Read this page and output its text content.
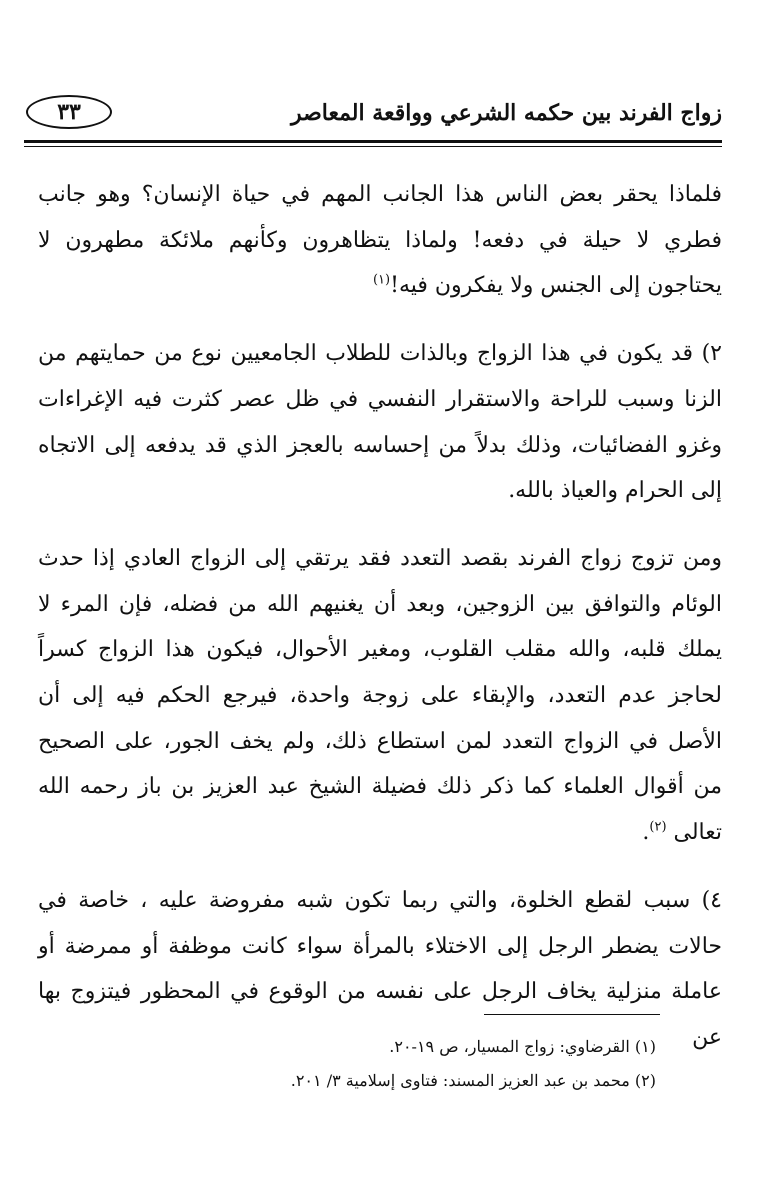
زواج الفرند بين حكمه الشرعي وواقعة المعاصر
٣٣

فلماذا يحقر بعض الناس هذا الجانب المهم في حياة الإنسان؟ وهو جانب فطري لا حيلة في دفعه! ولماذا يتظاهرون وكأنهم ملائكة مطهرون لا يحتاجون إلى الجنس ولا يفكرون فيه!$^{(١)}$

٢) قد يكون في هذا الزواج وبالذات للطلاب الجامعيين نوع من حمايتهم من الزنا وسبب للراحة والاستقرار النفسي في ظل عصر كثرت فيه الإغراءات وغزو الفضائيات، وذلك بدلاً من إحساسه بالعجز الذي قد يدفعه إلى الاتجاه إلى الحرام والعياذ بالله.

ومن تزوج زواج الفرند بقصد التعدد فقد يرتقي إلى الزواج العادي إذا حدث الوئام والتوافق بين الزوجين، وبعد أن يغنيهم الله من فضله، فإن المرء لا يملك قلبه، والله مقلب القلوب، ومغير الأحوال، فيكون هذا الزواج كسراً لحاجز عدم التعدد، والإبقاء على زوجة واحدة، فيرجع الحكم فيه إلى أن الأصل في الزواج التعدد لمن استطاع ذلك، ولم يخف الجور، على الصحيح من أقوال العلماء كما ذكر ذلك فضيلة الشيخ عبد العزيز بن باز رحمه الله تعالى $^{(٢)}$.

٤) سبب لقطع الخلوة، والتي ربما تكون شبه مفروضة عليه ، خاصة في حالات يضطر الرجل إلى الاختلاء بالمرأة سواء كانت موظفة أو ممرضة أو عاملة منزلية يخاف الرجل على نفسه من الوقوع في المحظور فيتزوج بها عن

(١) القرضاوي: زواج المسيار، ص ١٩-٢٠.
(٢) محمد بن عبد العزيز المسند: فتاوى إسلامية ٣/ ٢٠١.
